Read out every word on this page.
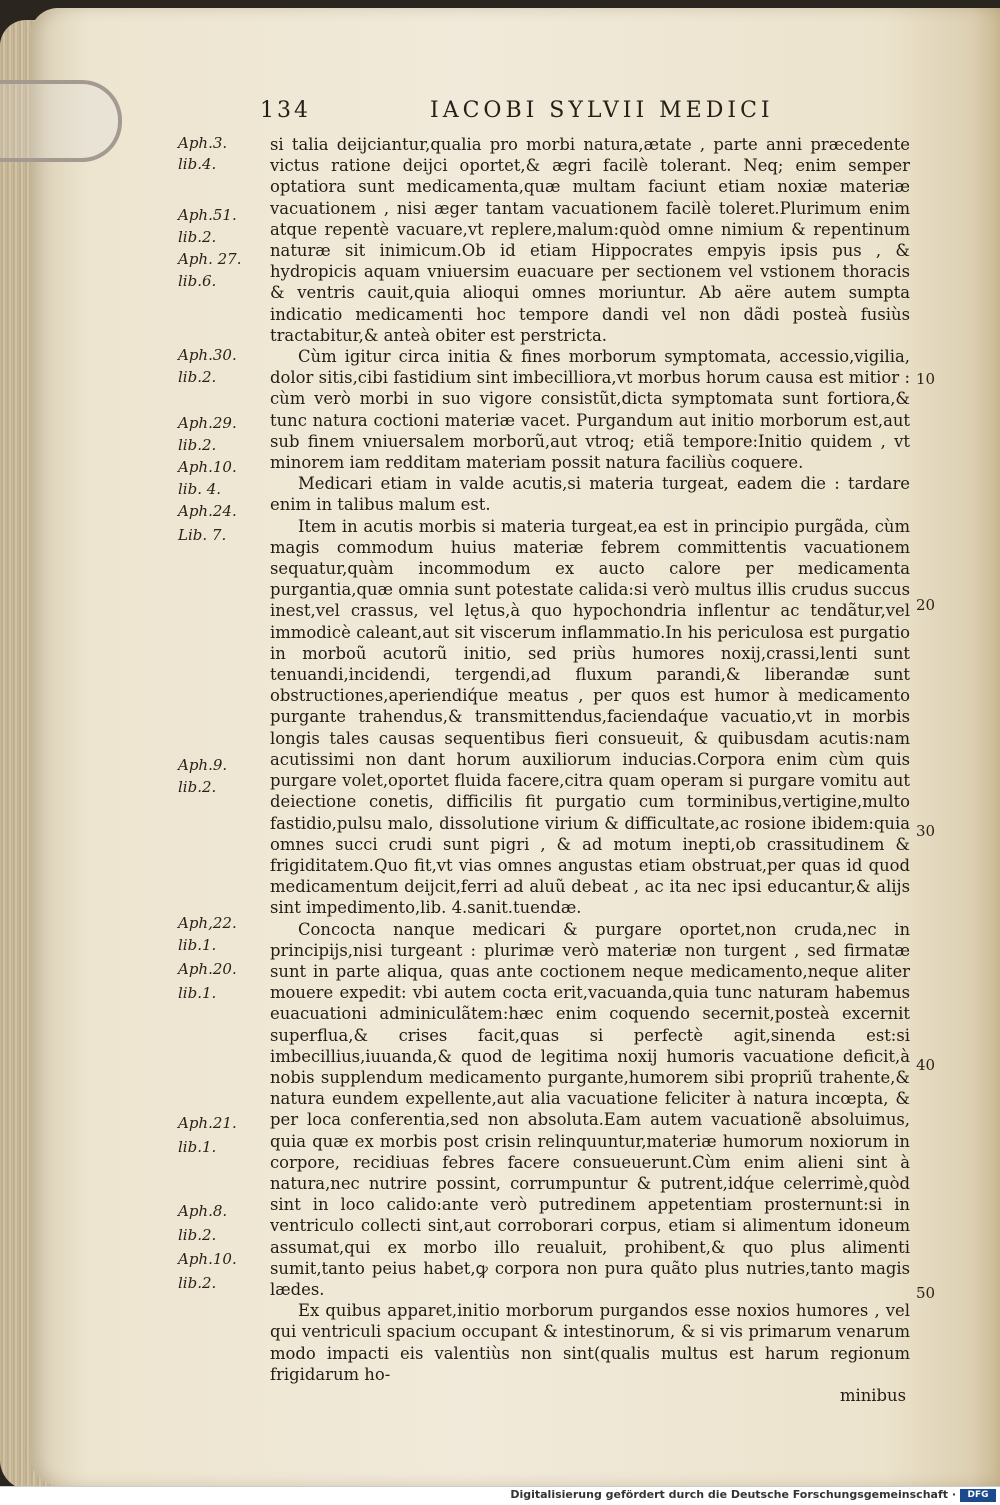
134	IACOBI SYLVII MEDICI
Aph.3.
lib.4.
Aph.51.
lib.2.
Aph. 27.
lib.6.
Aph.30.
lib.2.
Aph.29.
lib.2.
Aph.10.
lib. 4.
Aph.24.
Lib. 7.
Aph.9.
lib.2.
Aph,22.
lib.1.
Aph.20.
lib.1.
Aph.21.
lib.1.
Aph.8.
lib.2.
Aph.10.
lib.2.
10
20
30
40
50

si talia deijciantur,qualia pro morbi natura,ætate , parte anni præcedente victus ratione deijci oportet,& ægri facilè tolerant. Neq; enim semper optatiora sunt medicamenta,quæ multam faciunt etiam noxiæ materiæ vacuationem , nisi æger tantam vacuationem facilè toleret.Plurimum enim atque repentè vacuare,vt replere,malum:quòd omne nimium & repentinum naturæ sit inimicum.Ob id etiam Hippocrates empyis ipsis pus , & hydropicis aquam vniuersim euacuare per sectionem vel vstionem thoracis & ventris cauit,quia alioqui omnes moriuntur. Ab aëre autem sumpta indicatio medicamenti hoc tempore dandi vel non dãdi posteà fusiùs tractabitur,& anteà obiter est perstricta.

Cùm igitur circa initia & fines morborum symptomata, accessio,vigilia, dolor sitis,cibi fastidium sint imbecilliora,vt morbus horum causa est mitior : cùm verò morbi in suo vigore consistũt,dicta symptomata sunt fortiora,& tunc natura coctioni materiæ vacet. Purgandum aut initio morborum est,aut sub finem vniuersalem morborũ,aut vtroq; etiã tempore:Initio quidem , vt minorem iam redditam materiam possit natura faciliùs coquere.

Medicari etiam in valde acutis,si materia turgeat, eadem die : tardare enim in talibus malum est.

Item in acutis morbis si materia turgeat,ea est in principio purgãda, cùm magis commodum huius materiæ febrem committentis vacuationem sequatur,quàm incommodum ex aucto calore per medicamenta purgantia,quæ omnia sunt potestate calida:si verò multus illis crudus succus inest,vel crassus, vel lętus,à quo hypochondria inflentur ac tendãtur,vel immodicè caleant,aut sit viscerum inflammatio.In his periculosa est purgatio in morboũ acutorũ initio, sed priùs humores noxij,crassi,lenti sunt tenuandi,incidendi, tergendi,ad fluxum parandi,& liberandæ sunt obstructiones,aperiendiq́ue meatus , per quos est humor à medicamento purgante trahendus,& transmittendus,faciendaq́ue vacuatio,vt in morbis longis tales causas sequentibus fieri consueuit, & quibusdam acutis:nam acutissimi non dant horum auxiliorum inducias.Corpora enim cùm quis purgare volet,oportet fluida facere,citra quam operam si purgare vomitu aut deiectione conetis, difficilis fit purgatio cum torminibus,vertigine,multo fastidio,pulsu malo, dissolutione virium & difficultate,ac rosione ibidem:quia omnes succi crudi sunt pigri , & ad motum inepti,ob crassitudinem & frigiditatem.Quo fit,vt vias omnes angustas etiam obstruat,per quas id quod medicamentum deijcit,ferri ad aluũ debeat , ac ita nec ipsi educantur,& alijs sint impedimento,lib. 4.sanit.tuendæ.

Concocta nanque medicari & purgare oportet,non cruda,nec in principijs,nisi turgeant : plurimæ verò materiæ non turgent , sed firmatæ sunt in parte aliqua, quas ante coctionem neque medicamento,neque aliter mouere expedit: vbi autem cocta erit,vacuanda,quia tunc naturam habemus euacuationi adminiculãtem:hæc enim coquendo secernit,posteà excernit superflua,& crises facit,quas si perfectè agit,sinenda est:si imbecillius,iuuanda,& quod de legitima noxij humoris vacuatione deficit,à nobis supplendum medicamento purgante,humorem sibi propriũ trahente,& natura eundem expellente,aut alia vacuatione feliciter à natura incœpta, & per loca conferentia,sed non absoluta.Eam autem vacuationẽ absoluimus, quia quæ ex morbis post crisin relinquuntur,materiæ humorum noxiorum in corpore, recidiuas febres facere consueuerunt.Cùm enim alieni sint à natura,nec nutrire possint, corrumpuntur & putrent,idq́ue celerrimè,quòd sint in loco calido:ante verò putredinem appetentiam prosternunt:si in ventriculo collecti sint,aut corroborari corpus, etiam si alimentum idoneum assumat,qui ex morbo illo reualuit, prohibent,& quo plus alimenti sumit,tanto peius habet,ꝙ corpora non pura quãto plus nutries,tanto magis lædes.

Ex quibus apparet,initio morborum purgandos esse noxios humores , vel qui ventriculi spacium occupant & intestinorum, & si vis primarum venarum modo impacti eis valentiùs non sint(qualis multus est harum regionum frigidarum ho-

minibus
Digitalisierung gefördert durch die Deutsche Forschungsgemeinschaft ·	DFG
